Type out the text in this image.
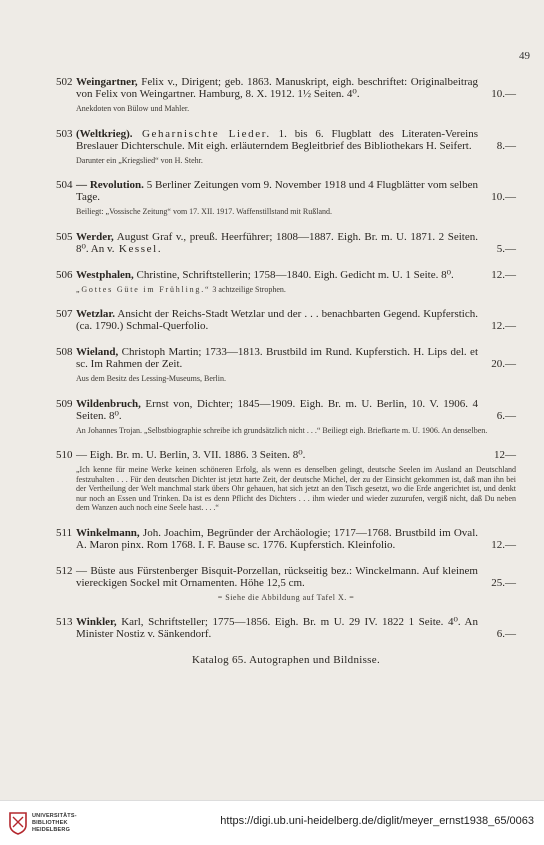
49
502 Weingartner, Felix v., Dirigent; geb. 1863. Manuskript, eigh. beschriftet: Originalbeitrag von Felix von Weingartner. Hamburg, 8. X. 1912. 1½ Seiten. 4⁰.	10.—
Anekdoten von Bülow und Mahler.
503 (Weltkrieg). Geharnischte Lieder. 1. bis 6. Flugblatt des Literaten-Vereins Breslauer Dichterschule. Mit eigh. erläuterndem Begleitbrief des Bibliothekars H. Seifert.	8.—
Darunter ein „Kriegslied“ von H. Stehr.
504 — Revolution. 5 Berliner Zeitungen vom 9. November 1918 und 4 Flugblätter vom selben Tage.	10.—
Beiliegt: „Vossische Zeitung“ vom 17. XII. 1917. Waffenstillstand mit Rußland.
505 Werder, August Graf v., preuß. Heerführer; 1808—1887. Eigh. Br. m. U. 1871. 2 Seiten. 8⁰. An v. Kessel.	5.—
506 Westphalen, Christine, Schriftstellerin; 1758—1840. Eigh. Gedicht m. U. 1 Seite. 8⁰.	12.—
„Gottes Güte im Frühling.“ 3 achtzeilige Strophen.
507 Wetzlar. Ansicht der Reichs-Stadt Wetzlar und der . . . benachbarten Gegend. Kupferstich. (ca. 1790.) Schmal-Querfolio.	12.—
508 Wieland, Christoph Martin; 1733—1813. Brustbild im Rund. Kupferstich. H. Lips del. et sc. Im Rahmen der Zeit.	20.—
Aus dem Besitz des Lessing-Museums, Berlin.
509 Wildenbruch, Ernst von, Dichter; 1845—1909. Eigh. Br. m. U. Berlin, 10. V. 1906. 4 Seiten. 8⁰.	6.—
An Johannes Trojan. „Selbstbiographie schreibe ich grundsätzlich nicht . . .“ Beiliegt eigh. Briefkarte m. U. 1906. An denselben.
510 — Eigh. Br. m. U. Berlin, 3. VII. 1886. 3 Seiten. 8⁰.	12—
„Ich kenne für meine Werke keinen schöneren Erfolg, als wenn es denselben gelingt, deutsche Seelen im Ausland an Deutschland festzuhalten . . . Für den deutschen Dichter ist jetzt harte Zeit, der deutsche Michel, der zu der Einsicht gekommen ist, daß man ihn bei der Vertheilung der Welt manchmal stark übers Ohr gehauen, hat sich jetzt an den Tisch gesetzt, wo die Erde angerichtet ist, und denkt nur noch an Essen und Trinken. Da ist es denn Pflicht des Dichters . . . ihm wieder und wieder zuzurufen, vergiß nicht, daß Du neben dem Wanzen auch noch eine Seele hast. . . .“
511 Winkelmann, Joh. Joachim, Begründer der Archäologie; 1717—1768. Brustbild im Oval. A. Maron pinx. Rom 1768. I. F. Bause sc. 1776. Kupferstich. Kleinfolio.	12.—
512 — Büste aus Fürstenberger Bisquit-Porzellan, rückseitig bez.: Winckelmann. Auf kleinem viereckigen Sockel mit Ornamenten. Höhe 12,5 cm.	25.—
= Siehe die Abbildung auf Tafel X. =
513 Winkler, Karl, Schriftsteller; 1775—1856. Eigh. Br. m U. 29 IV. 1822 1 Seite. 4⁰. An Minister Nostiz v. Sänkendorf.	6.—
Katalog 65. Autographen und Bildnisse.
UNIVERSITÄTS-
BIBLIOTHEK
HEIDELBERG
https://digi.ub.uni-heidelberg.de/diglit/meyer_ernst1938_65/0063
